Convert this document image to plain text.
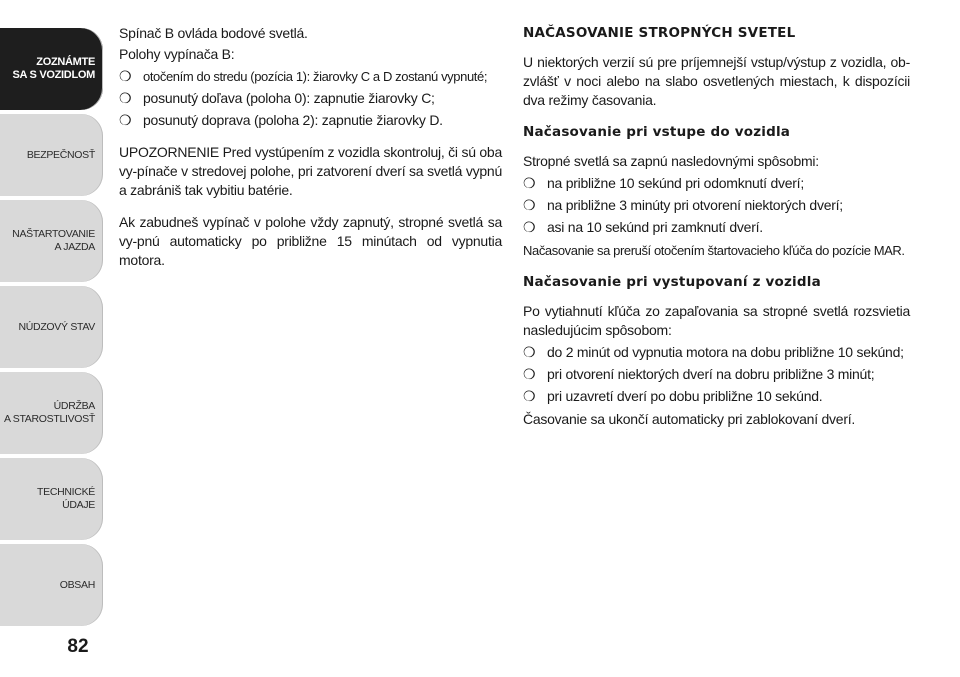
ZOZNÁMTE
SA S VOZIDLOM
BEZPEČNOSŤ
NAŠTARTOVANIE
A JAZDA
NÚDZOVÝ STAV
ÚDRŽBA
A STAROSTLIVOSŤ
TECHNICKÉ
ÚDAJE
OBSAH
82

Spínač B ovláda bodové svetlá.

Polohy vypínača B:

❍ otočením do stredu (pozícia 1): žiarovky C a D zostanú vypnuté;
❍ posunutý doľava (poloha 0): zapnutie žiarovky C;
❍ posunutý doprava (poloha 2): zapnutie žiarovky D.

UPOZORNENIE Pred vystúpením z vozidla skontroluj, či sú oba vy-pínače v stredovej polohe, pri zatvorení dverí sa svetlá vypnú a zabrániš tak vybitiu batérie.

Ak zabudneš vypínač v polohe vždy zapnutý, stropné svetlá sa vy-pnú automaticky po približne 15 minútach od vypnutia motora.

NAČASOVANIE STROPNÝCH SVETEL

U niektorých verzií sú pre príjemnejší vstup/výstup z vozidla, ob-zvlášť v noci alebo na slabo osvetlených miestach, k dispozícii dva režimy časovania.

Načasovanie pri vstupe do vozidla

Stropné svetlá sa zapnú nasledovnými spôsobmi:

❍ na približne 10 sekúnd pri odomknutí dverí;
❍ na približne 3 minúty pri otvorení niektorých dverí;
❍ asi na 10 sekúnd pri zamknutí dverí.

Načasovanie sa preruší otočením štartovacieho kľúča do pozície MAR.

Načasovanie pri vystupovaní z vozidla

Po vytiahnutí kľúča zo zapaľovania sa stropné svetlá rozsvietia nasledujúcim spôsobom:

❍ do 2 minút od vypnutia motora na dobu približne 10 sekúnd;
❍ pri otvorení niektorých dverí na dobru približne 3 minút;
❍ pri uzavretí dverí po dobu približne 10 sekúnd.

Časovanie sa ukončí automaticky pri zablokovaní dverí.
